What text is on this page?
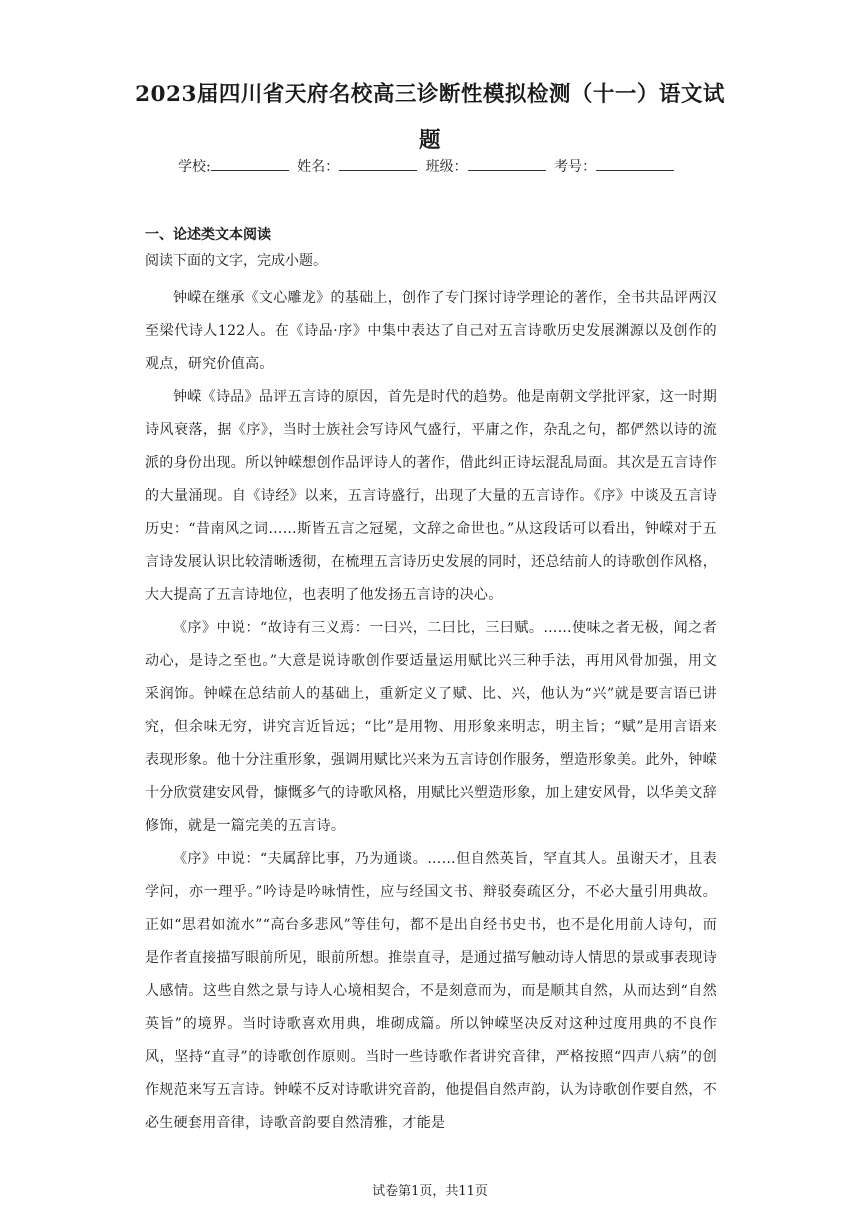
2023届四川省天府名校高三诊断性模拟检测（十一）语文试题
学校:	姓名：	班级：	考号：
一、论述类文本阅读
阅读下面的文字，完成小题。

钟嵘在继承《文心雕龙》的基础上，创作了专门探讨诗学理论的著作，全书共品评两汉至梁代诗人122人。在《诗品·序》中集中表达了自己对五言诗歌历史发展渊源以及创作的观点，研究价值高。

钟嵘《诗品》品评五言诗的原因，首先是时代的趋势。他是南朝文学批评家，这一时期诗风衰落，据《序》，当时士族社会写诗风气盛行，平庸之作，杂乱之句，都俨然以诗的流派的身份出现。所以钟嵘想创作品评诗人的著作，借此纠正诗坛混乱局面。其次是五言诗作的大量涌现。自《诗经》以来，五言诗盛行，出现了大量的五言诗作。《序》中谈及五言诗历史：“昔南风之词……斯皆五言之冠冕，文辞之命世也。”从这段话可以看出，钟嵘对于五言诗发展认识比较清晰透彻，在梳理五言诗历史发展的同时，还总结前人的诗歌创作风格，大大提高了五言诗地位，也表明了他发扬五言诗的决心。

《序》中说：“故诗有三义焉：一曰兴，二曰比，三曰赋。……使味之者无极，闻之者动心，是诗之至也。”大意是说诗歌创作要适量运用赋比兴三种手法，再用风骨加强，用文采润饰。钟嵘在总结前人的基础上，重新定义了赋、比、兴，他认为“兴”就是要言语已讲究，但余味无穷，讲究言近旨远；“比”是用物、用形象来明志，明主旨；“赋”是用言语来表现形象。他十分注重形象，强调用赋比兴来为五言诗创作服务，塑造形象美。此外，钟嵘十分欣赏建安风骨，慷慨多气的诗歌风格，用赋比兴塑造形象，加上建安风骨，以华美文辞修饰，就是一篇完美的五言诗。

《序》中说：“夫属辞比事，乃为通谈。……但自然英旨，罕直其人。虽谢天才，且表学问，亦一理乎。”吟诗是吟咏情性，应与经国文书、辩驳奏疏区分，不必大量引用典故。正如“思君如流水”“高台多悲风”等佳句，都不是出自经书史书，也不是化用前人诗句，而是作者直接描写眼前所见，眼前所想。推崇直寻，是通过描写触动诗人情思的景或事表现诗人感情。这些自然之景与诗人心境相契合，不是刻意而为，而是顺其自然，从而达到“自然英旨”的境界。当时诗歌喜欢用典，堆砌成篇。所以钟嵘坚决反对这种过度用典的不良作风，坚持“直寻”的诗歌创作原则。当时一些诗歌作者讲究音律，严格按照“四声八病”的创作规范来写五言诗。钟嵘不反对诗歌讲究音韵，他提倡自然声韵，认为诗歌创作要自然，不必生硬套用音律，诗歌音韵要自然清雅，才能是

试卷第1页，共11页
